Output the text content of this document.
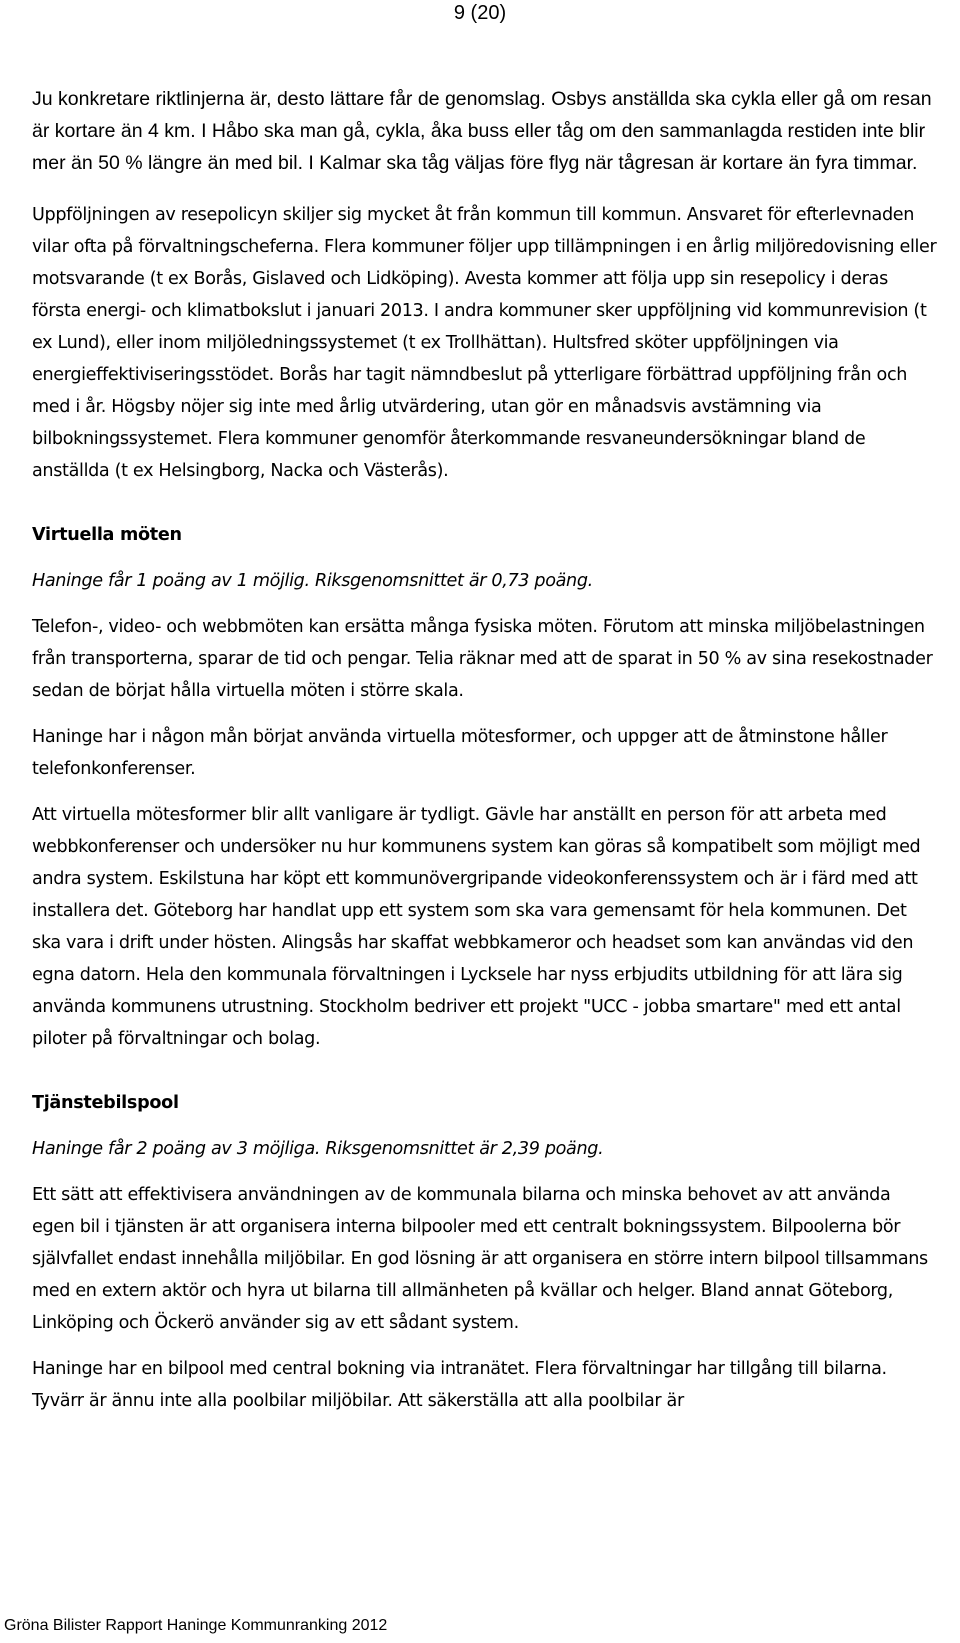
9 (20)

Ju konkretare riktlinjerna är, desto lättare får de genomslag. Osbys anställda ska cykla eller gå om resan är kortare än 4 km. I Håbo ska man gå, cykla, åka buss eller tåg om den sammanlagda restiden inte blir mer än 50 % längre än med bil. I Kalmar ska tåg väljas före flyg när tågresan är kortare än fyra timmar.

Uppföljningen av resepolicyn skiljer sig mycket åt från kommun till kommun. Ansvaret för efterlevnaden vilar ofta på förvaltningscheferna. Flera kommuner följer upp tillämpningen i en årlig miljöredovisning eller motsvarande (t ex Borås, Gislaved och Lidköping). Avesta kommer att följa upp sin resepolicy i deras första energi- och klimatbokslut i januari 2013. I andra kommuner sker uppföljning vid kommunrevision (t ex Lund), eller inom miljöledningssystemet (t ex Trollhättan). Hultsfred sköter uppföljningen via energieffektiviseringsstödet. Borås har tagit nämndbeslut på ytterligare förbättrad uppföljning från och med i år. Högsby nöjer sig inte med årlig utvärdering, utan gör en månadsvis avstämning via bilbokningssystemet. Flera kommuner genomför återkommande resvaneundersökningar bland de anställda (t ex Helsingborg, Nacka och Västerås).

Virtuella möten

Haninge får 1 poäng av 1 möjlig. Riksgenomsnittet är 0,73 poäng.

Telefon-, video- och webbmöten kan ersätta många fysiska möten. Förutom att minska miljöbelastningen från transporterna, sparar de tid och pengar. Telia räknar med att de sparat in 50 % av sina resekostnader sedan de börjat hålla virtuella möten i större skala.

Haninge har i någon mån börjat använda virtuella mötesformer, och uppger att de åtminstone håller telefonkonferenser.

Att virtuella mötesformer blir allt vanligare är tydligt. Gävle har anställt en person för att arbeta med webbkonferenser och undersöker nu hur kommunens system kan göras så kompatibelt som möjligt med andra system. Eskilstuna har köpt ett kommunövergripande videokonferenssystem och är i färd med att installera det. Göteborg har handlat upp ett system som ska vara gemensamt för hela kommunen. Det ska vara i drift under hösten. Alingsås har skaffat webbkameror och headset som kan användas vid den egna datorn. Hela den kommunala förvaltningen i Lycksele har nyss erbjudits utbildning för att lära sig använda kommunens utrustning. Stockholm bedriver ett projekt "UCC - jobba smartare" med ett antal piloter på förvaltningar och bolag.

Tjänstebilspool

Haninge får 2 poäng av 3 möjliga. Riksgenomsnittet är 2,39 poäng.

Ett sätt att effektivisera användningen av de kommunala bilarna och minska behovet av att använda egen bil i tjänsten är att organisera interna bilpooler med ett centralt bokningssystem. Bilpoolerna bör självfallet endast innehålla miljöbilar. En god lösning är att organisera en större intern bilpool tillsammans med en extern aktör och hyra ut bilarna till allmänheten på kvällar och helger. Bland annat Göteborg, Linköping och Öckerö använder sig av ett sådant system.

Haninge har en bilpool med central bokning via intranätet. Flera förvaltningar har tillgång till bilarna. Tyvärr är ännu inte alla poolbilar miljöbilar. Att säkerställa att alla poolbilar är

Gröna Bilister Rapport Haninge Kommunranking 2012
